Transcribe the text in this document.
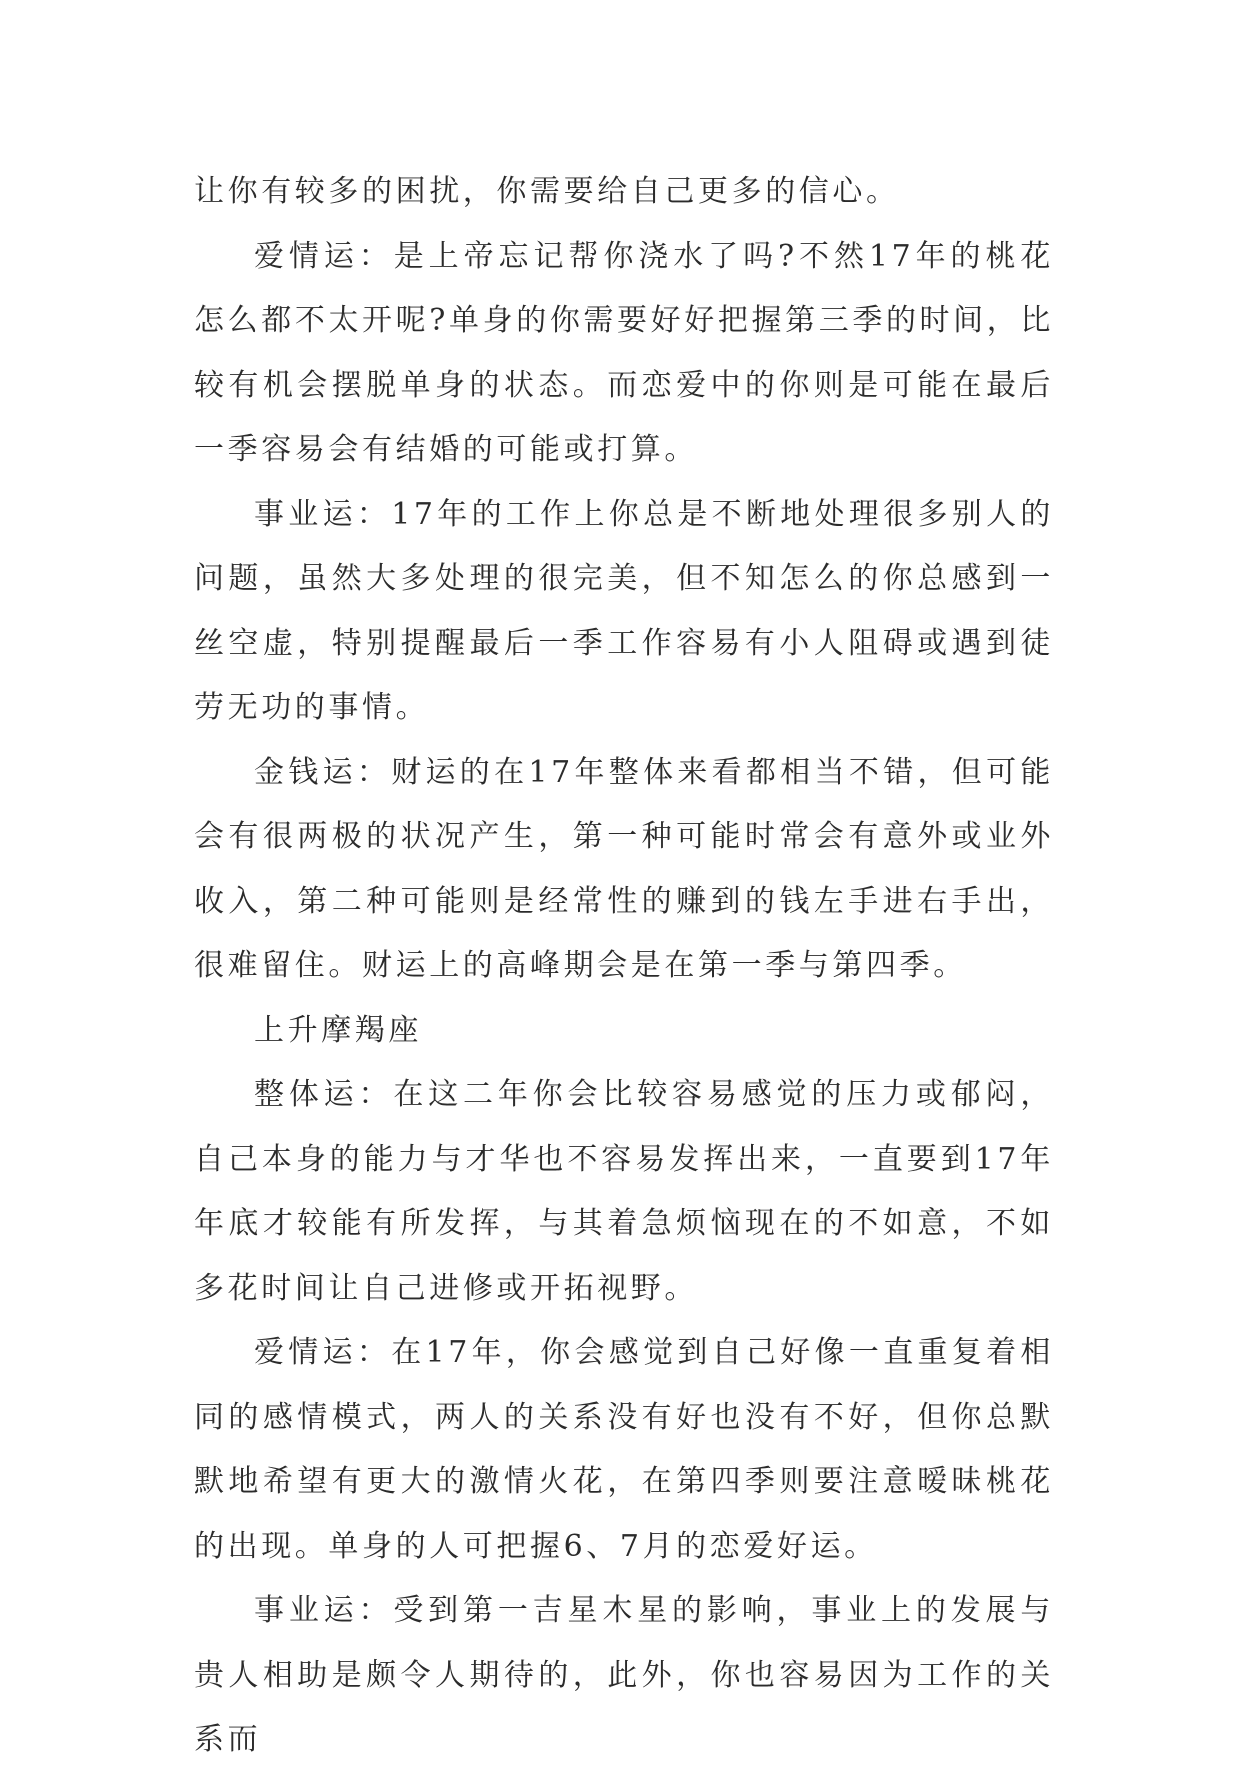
让你有较多的困扰，你需要给自己更多的信心。

爱情运：是上帝忘记帮你浇水了吗?不然17年的桃花怎么都不太开呢?单身的你需要好好把握第三季的时间，比较有机会摆脱单身的状态。而恋爱中的你则是可能在最后一季容易会有结婚的可能或打算。

事业运：17年的工作上你总是不断地处理很多别人的问题，虽然大多处理的很完美，但不知怎么的你总感到一丝空虚，特别提醒最后一季工作容易有小人阻碍或遇到徒劳无功的事情。

金钱运：财运的在17年整体来看都相当不错，但可能会有很两极的状况产生，第一种可能时常会有意外或业外收入，第二种可能则是经常性的赚到的钱左手进右手出，很难留住。财运上的高峰期会是在第一季与第四季。

上升摩羯座

整体运：在这二年你会比较容易感觉的压力或郁闷，自己本身的能力与才华也不容易发挥出来，一直要到17年年底才较能有所发挥，与其着急烦恼现在的不如意，不如多花时间让自己进修或开拓视野。

爱情运：在17年，你会感觉到自己好像一直重复着相同的感情模式，两人的关系没有好也没有不好，但你总默默地希望有更大的激情火花，在第四季则要注意暧昧桃花的出现。单身的人可把握6、7月的恋爱好运。

事业运：受到第一吉星木星的影响，事业上的发展与贵人相助是颇令人期待的，此外，你也容易因为工作的关系而
